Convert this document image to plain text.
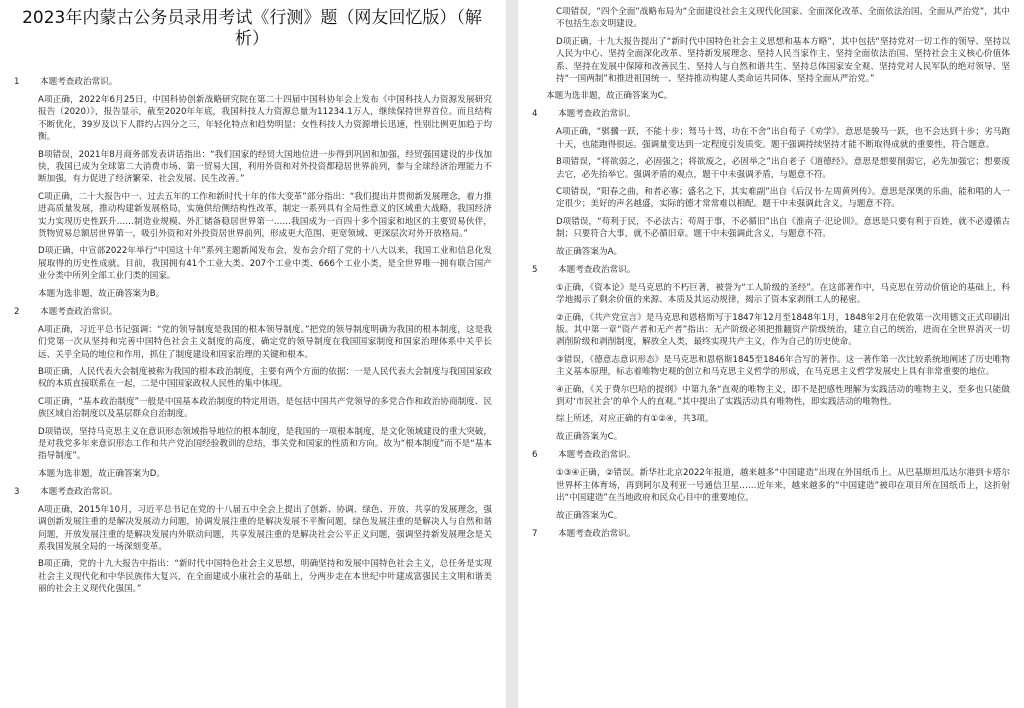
2023年内蒙古公务员录用考试《行测》题（网友回忆版）（解析）
1	本题考查政治常识。

A项正确，2022年6月25日，中国科协创新战略研究院在第二十四届中国科协年会上发布《中国科技人力资源发展研究报告（2020）》，报告显示，截至2020年年底，我国科技人力资源总量为11234.1万人，继续保持世界首位。而且结构不断优化，39岁及以下人群约占四分之三，年轻化特点和趋势明显；女性科技人力资源增长迅速，性别比例更加趋于均衡。

B项错误，2021年8月商务部发表讲话指出：“我们国家的经贸大国地位进一步得到巩固和加强，经贸强国建设的步伐加快，我国已成为全球第二大消费市场、第一贸易大国，利用外资和对外投资都稳居世界前列，参与全球经济治理能力不断加强，有力促进了经济繁荣、社会发展、民生改善。”

C项正确，二十大报告中一、过去五年的工作和新时代十年的伟大变革”部分指出：“我们提出并贯彻新发展理念，着力推进高质量发展，推动构建新发展格局，实施供给侧结构性改革，制定一系列具有全局性意义的区域重大战略，我国经济实力实现历史性跃升……制造业规模、外汇储备稳居世界第一……我国成为一百四十多个国家和地区的主要贸易伙伴，货物贸易总额居世界第一，吸引外资和对外投资居世界前列，形成更大范围、更宽领域、更深层次对外开放格局。”

D项正确，中宣部2022年举行“中国这十年”系列主题新闻发布会，发布会介绍了党的十八大以来，我国工业和信息化发展取得的历史性成就。目前，我国拥有41个工业大类、207个工业中类、666个工业小类，是全世界唯一拥有联合国产业分类中所列全部工业门类的国家。

本题为选非题，故正确答案为B。

2	本题考查政治常识。

A项正确，习近平总书记强调：“党的领导制度是我国的根本领导制度。”把党的领导制度明确为我国的根本制度，这是我们党第一次从坚持和完善中国特色社会主义制度的高度，确定党的领导制度在我国国家制度和国家治理体系中关乎长远、关乎全局的地位和作用，抓住了制度建设和国家治理的关键和根本。

B项正确，人民代表大会制度被称为我国的根本政治制度，主要有两个方面的依据：一是人民代表大会制度与我国国家政权的本质直接联系在一起，二是中国国家政权人民性的集中体现。

C项正确，“基本政治制度”一般是中国基本政治制度的特定用语，是包括中国共产党领导的多党合作和政治协商制度、民族区域自治制度以及基层群众自治制度。

D项错误，坚持马克思主义在意识形态领域指导地位的根本制度，是我国的一项根本制度，是文化领域建设的重大突破，是对我党多年来意识形态工作和共产党治国经验教训的总结，事关党和国家的性质和方向。故为“根本制度”而不是“基本指导制度”。

本题为选非题，故正确答案为D。

3	本题考查政治常识。

A项正确，2015年10月，习近平总书记在党的十八届五中全会上提出了创新、协调、绿色、开放、共享的发展理念，强调创新发展注重的是解决发展动力问题，协调发展注重的是解决发展不平衡问题，绿色发展注重的是解决人与自然和谐问题，开放发展注重的是解决发展内外联动问题，共享发展注重的是解决社会公平正义问题，强调坚持新发展理念是关系我国发展全局的一场深刻变革。

B项正确，党的十九大报告中指出：“新时代中国特色社会主义思想，明确坚持和发展中国特色社会主义，总任务是实现社会主义现代化和中华民族伟大复兴，在全面建成小康社会的基础上，分两步走在本世纪中叶建成富强民主文明和谐美丽的社会主义现代化强国。”

C项错误，“四个全面”战略布局为“全面建设社会主义现代化国家、全面深化改革、全面依法治国、全面从严治党”，其中不包括生态文明建设。

D项正确，十九大报告提出了“新时代中国特色社会主义思想和基本方略”，其中包括“坚持党对一切工作的领导、坚持以人民为中心、坚持全面深化改革、坚持新发展理念、坚持人民当家作主、坚持全面依法治国、坚持社会主义核心价值体系、坚持在发展中保障和改善民生、坚持人与自然和谐共生、坚持总体国家安全观、坚持党对人民军队的绝对领导、坚持“一国两制”和推进祖国统一、坚持推动构建人类命运共同体、坚持全面从严治党。”

本题为选非题，故正确答案为C。

4	本题考查政治常识。

A项正确，“骐骥一跃，不能十步；驽马十驾，功在不舍”出自荀子《劝学》。意思是骏马一跃，也不会达到十步；劣马跑十天，也能跑得很远。强调量变达到一定程度引发质变。题干强调持续坚持才能不断取得成就的重要性，符合题意。

B项错误，“将欲弱之，必固强之；将欲废之，必固举之”出自老子《道德经》。意思是想要削弱它，必先加强它；想要废去它，必先抬举它。强调矛盾的观点，题干中未强调矛盾，与题意不符。

C项错误，“阳春之曲，和者必寡；盛名之下，其实难副”出自《后汉书·左周黄列传》。意思是深奥的乐曲，能和唱的人一定很少；美好的声名越盛，实际的德才常常难以相配。题干中未强调此含义，与题意不符。

D项错误，“苟利于民，不必法古；苟周于事，不必循旧”出自《淮南子·汜论训》。意思是只要有利于百姓，就不必遵循古制；只要符合大事，就不必循旧章。题干中未强调此含义，与题意不符。

故正确答案为A。

5	本题考查政治常识。

①正确，《资本论》是马克思的不朽巨著，被誉为“工人阶级的圣经”。在这部著作中，马克思在劳动价值论的基础上，科学地揭示了剩余价值的来源、本质及其运动规律，揭示了资本家剥削工人的秘密。

②正确，《共产党宣言》是马克思和恩格斯写于1847年12月至1848年1月，1848年2月在伦敦第一次用德文正式印刷出版。其中第一章“资产者和无产者”指出：无产阶级必须把推翻资产阶级统治，建立自己的统治，进而在全世界消灭一切剥削阶级和剥削制度，解放全人类，最终实现共产主义，作为自己的历史使命。

③错误，《德意志意识形态》是马克思和恩格斯1845至1846年合写的著作。这一著作第一次比较系统地阐述了历史唯物主义基本原理，标志着唯物史观的创立和马克思主义哲学的形成，在马克思主义哲学发展史上具有非常重要的地位。

④正确，《关于费尔巴哈的提纲》中第九条“直观的唯物主义，即不是把感性理解为实践活动的唯物主义，至多也只能做到对‘市民社会’的单个人的直观。”其中提出了实践活动具有唯物性，即实践活动的唯物性。

综上所述，对应正确的有①②④，共3项。

故正确答案为C。

6	本题考查政治常识。

①③④正确，②错误。新华社北京2022年报道，越来越多“中国建造”出现在外国纸币上。从巴基斯坦瓜达尔港到卡塔尔世界杯主体育场，再到阿尔及利亚一号通信卫星……近年来，越来越多的“中国建造”被印在项目所在国纸币上，这折射出“中国建造”在当地政府和民众心目中的重要地位。

故正确答案为C。

7	本题考查政治常识。
